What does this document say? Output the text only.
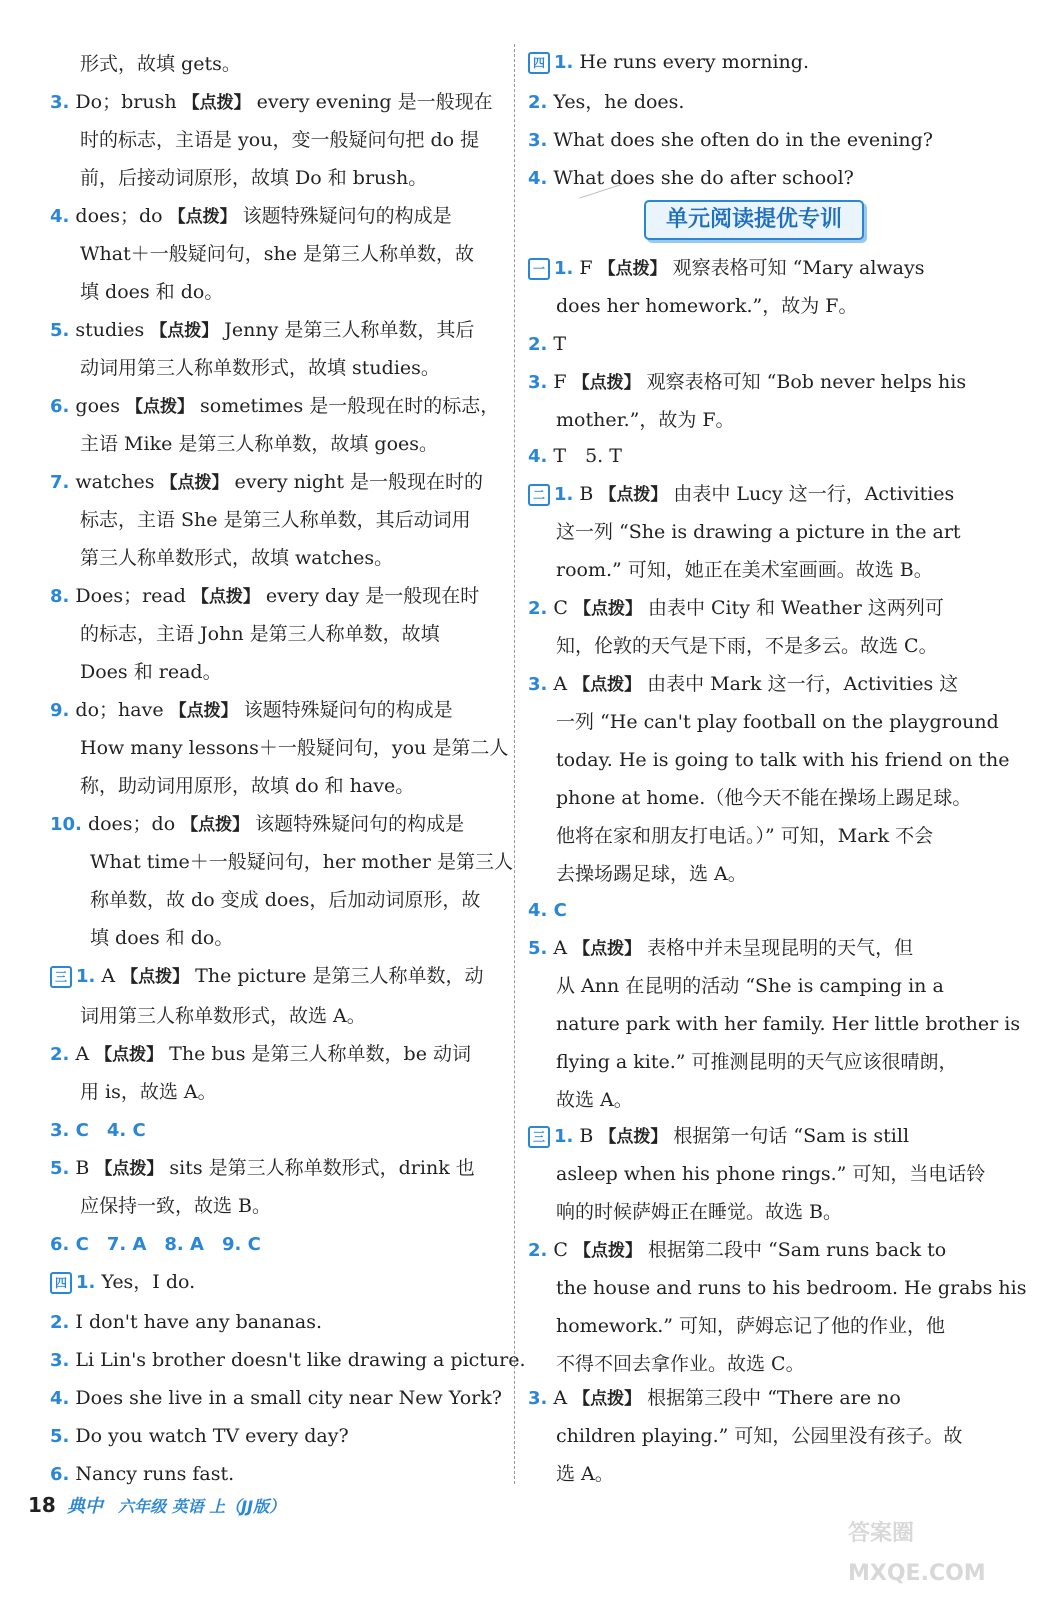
形式，故填 gets。
3. Do；brush 【点拨】 every evening 是一般现在
时的标志，主语是 you，变一般疑问句把 do 提
前，后接动词原形，故填 Do 和 brush。
4. does；do 【点拨】 该题特殊疑问句的构成是
What＋一般疑问句，she 是第三人称单数，故
填 does 和 do。
5. studies 【点拨】 Jenny 是第三人称单数，其后
动词用第三人称单数形式，故填 studies。
6. goes 【点拨】 sometimes 是一般现在时的标志，
主语 Mike 是第三人称单数，故填 goes。
7. watches 【点拨】 every night 是一般现在时的
标志，主语 She 是第三人称单数，其后动词用
第三人称单数形式，故填 watches。
8. Does；read 【点拨】 every day 是一般现在时
的标志，主语 John 是第三人称单数，故填
Does 和 read。
9. do；have 【点拨】 该题特殊疑问句的构成是
How many lessons＋一般疑问句，you 是第二人
称，助动词用原形，故填 do 和 have。
10. does；do 【点拨】 该题特殊疑问句的构成是
What time＋一般疑问句，her mother 是第三人
称单数，故 do 变成 does，后加动词原形，故
填 does 和 do。
三 1. A 【点拨】 The picture 是第三人称单数，动
词用第三人称单数形式，故选 A。
2. A 【点拨】 The bus 是第三人称单数，be 动词
用 is，故选 A。
3. C　4. C
5. B 【点拨】 sits 是第三人称单数形式，drink 也
应保持一致，故选 B。
6. C　7. A　8. A　9. C
四 1. Yes，I do.
2. I don't have any bananas.
3. Li Lin's brother doesn't like drawing a picture.
4. Does she live in a small city near New York?
5. Do you watch TV every day?
6. Nancy runs fast.
单元阅读提优专训
四 1. He runs every morning.
2. Yes，he does.
3. What does she often do in the evening?
4. What does she do after school?
一 1. F 【点拨】 观察表格可知 “Mary always
does her homework.”，故为 F。
2. T
3. F 【点拨】 观察表格可知 “Bob never helps his
mother.”，故为 F。
4. T　5. T
二 1. B 【点拨】 由表中 Lucy 这一行，Activities
这一列 “She is drawing a picture in the art
room.” 可知，她正在美术室画画。故选 B。
2. C 【点拨】 由表中 City 和 Weather 这两列可
知，伦敦的天气是下雨，不是多云。故选 C。
3. A 【点拨】 由表中 Mark 这一行，Activities 这
一列 “He can't play football on the playground
today. He is going to talk with his friend on the
phone at home.（他今天不能在操场上踢足球。
他将在家和朋友打电话。）” 可知，Mark 不会
去操场踢足球，选 A。
4. C
5. A 【点拨】 表格中并未呈现昆明的天气，但
从 Ann 在昆明的活动 “She is camping in a
nature park with her family. Her little brother is
flying a kite.” 可推测昆明的天气应该很晴朗，
故选 A。
三 1. B 【点拨】 根据第一句话 “Sam is still
asleep when his phone rings.” 可知，当电话铃
响的时候萨姆正在睡觉。故选 B。
2. C 【点拨】 根据第二段中 “Sam runs back to
the house and runs to his bedroom. He grabs his
homework.” 可知，萨姆忘记了他的作业，他
不得不回去拿作业。故选 C。
3. A 【点拨】 根据第三段中 “There are no
children playing.” 可知，公园里没有孩子。故
选 A。
18 典中 六年级 英语 上（JJ版）
答案圈
MXQE.COM
